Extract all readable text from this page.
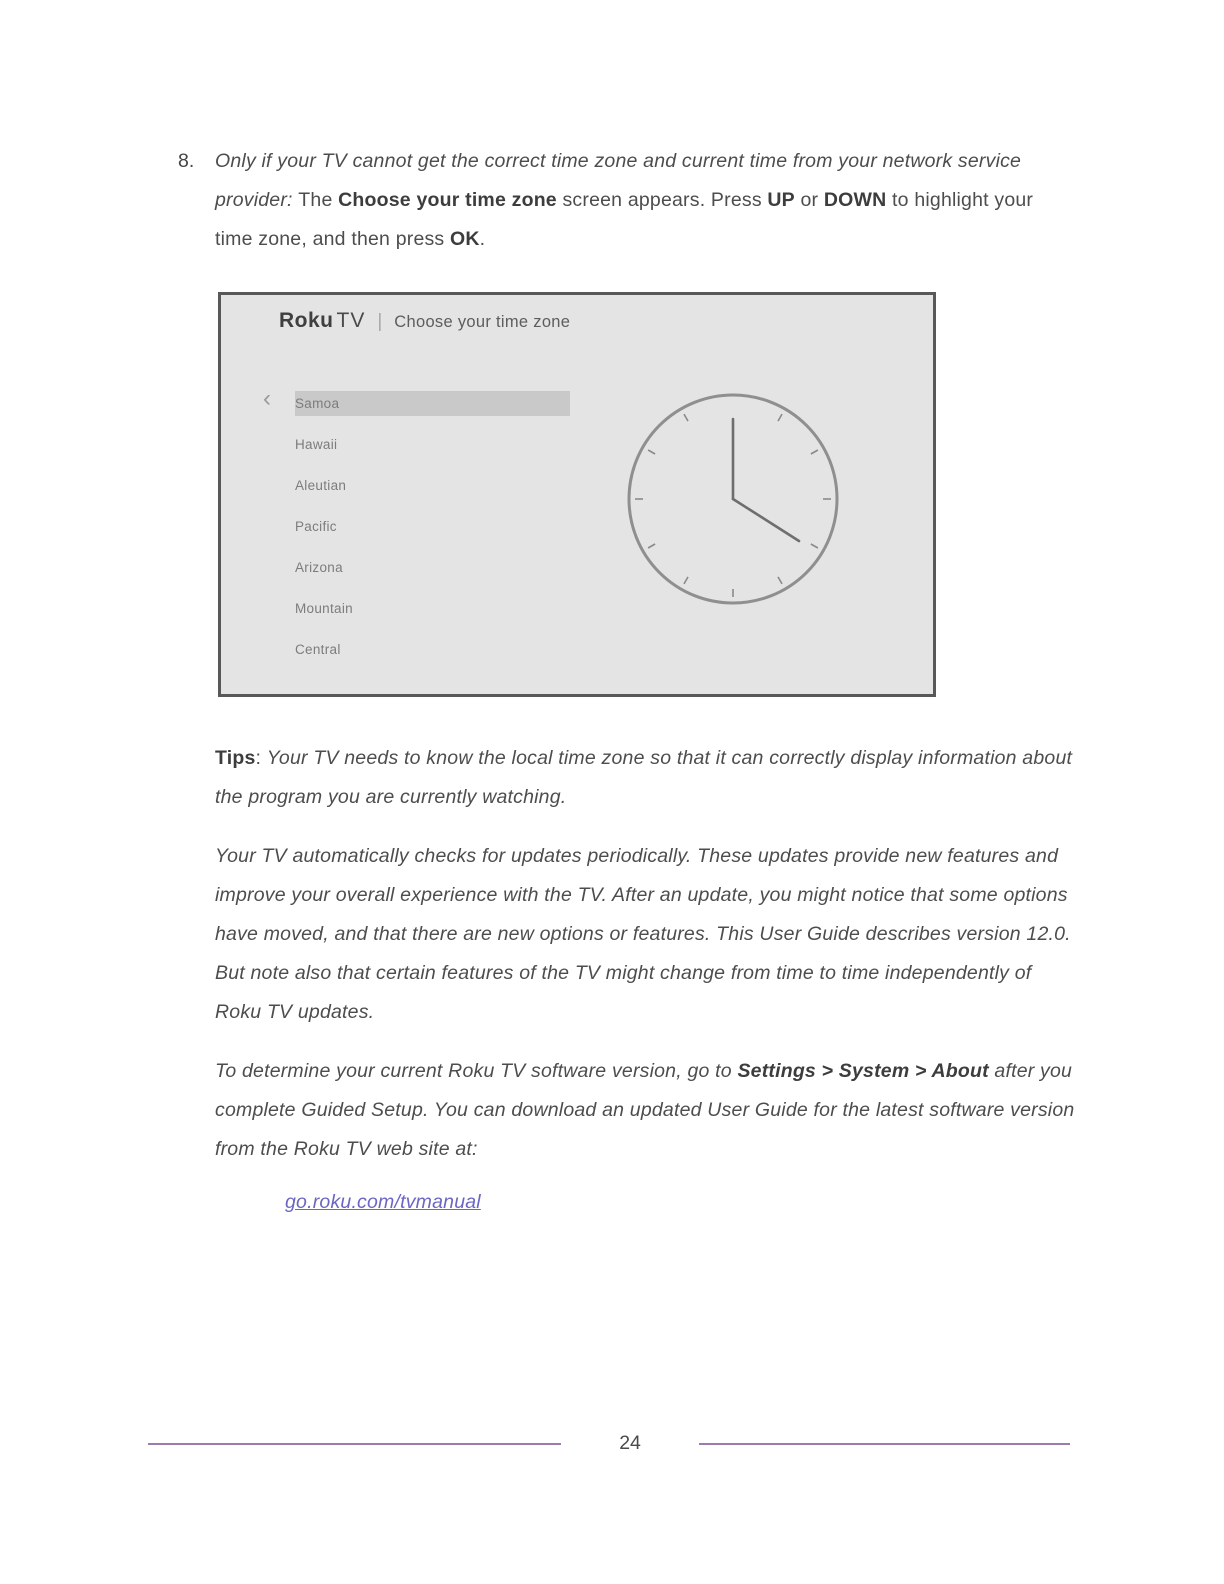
8.	Only if your TV cannot get the correct time zone and current time from your network service provider: The Choose your time zone screen appears. Press UP or DOWN to highlight your time zone, and then press OK.

Roku TV | Choose your time zone
‹	Samoa
Hawaii
Aleutian
Pacific
Arizona
Mountain
Central

Tips: Your TV needs to know the local time zone so that it can correctly display information about the program you are currently watching.

Your TV automatically checks for updates periodically. These updates provide new features and improve your overall experience with the TV. After an update, you might notice that some options have moved, and that there are new options or features. This User Guide describes version 12.0. But note also that certain features of the TV might change from time to time independently of Roku TV updates.

To determine your current Roku TV software version, go to Settings > System > About after you complete Guided Setup. You can download an updated User Guide for the latest software version from the Roku TV web site at:

go.roku.com/tvmanual

24
